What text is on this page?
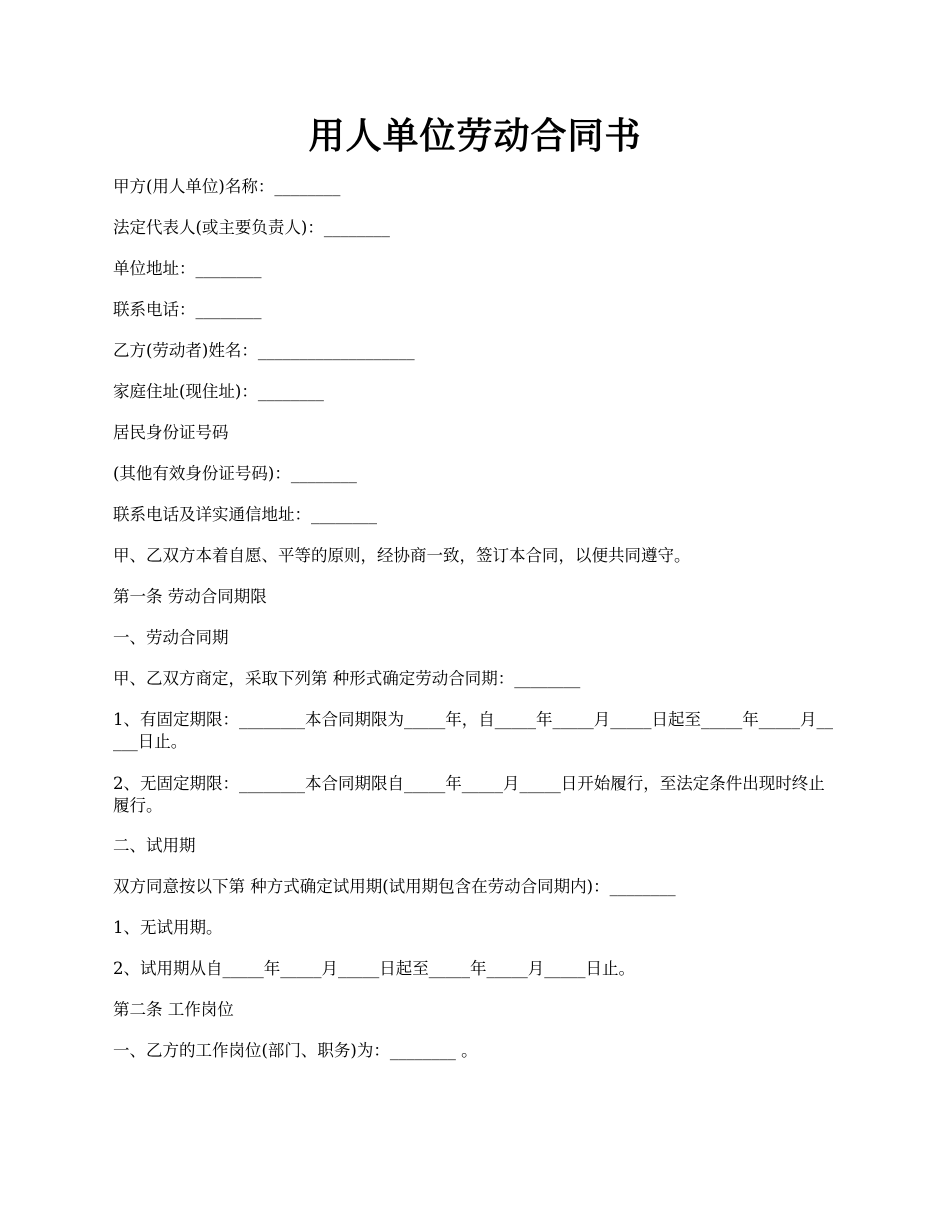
用人单位劳动合同书

甲方(用人单位)名称：________

法定代表人(或主要负责人)：________

单位地址：________

联系电话：________

乙方(劳动者)姓名：___________________

家庭住址(现住址)：________

居民身份证号码

(其他有效身份证号码)：________

联系电话及详实通信地址：________

甲、乙双方本着自愿、平等的原则，经协商一致，签订本合同，以便共同遵守。

第一条 劳动合同期限

一、劳动合同期

甲、乙双方商定，采取下列第 种形式确定劳动合同期：________

1、有固定期限：________本合同期限为_____年，自_____年_____月_____日起至_____年_____月_____日止。

2、无固定期限：________本合同期限自_____年_____月_____日开始履行，至法定条件出现时终止履行。

二、试用期

双方同意按以下第 种方式确定试用期(试用期包含在劳动合同期内)：________

1、无试用期。

2、试用期从自_____年_____月_____日起至_____年_____月_____日止。

第二条 工作岗位

一、乙方的工作岗位(部门、职务)为：________ 。
